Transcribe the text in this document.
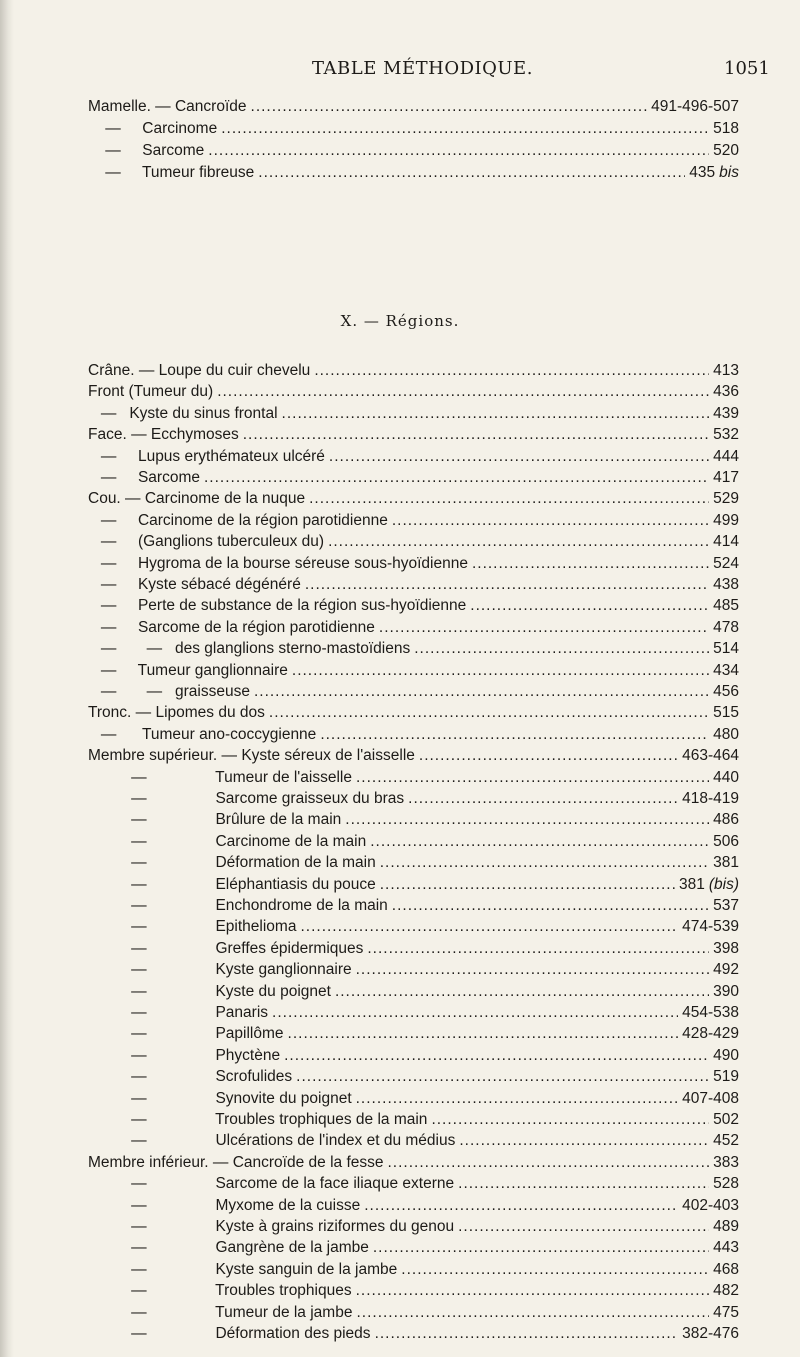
TABLE MÉTHODIQUE.	1051
Mamelle. — Cancroïde .....	491-496-507
—     Carcinome .....	518
—     Sarcome .....	520
—     Tumeur fibreuse .....	435 bis
X. — Régions.
Crâne. — Loupe du cuir chevelu .....	413
Front (Tumeur du) .....	436
—   Kyste du sinus frontal .....	439
Face. — Ecchymoses .....	532
—     Lupus erythémateux ulcéré .....	444
—     Sarcome .....	417
Cou. — Carcinome de la nuque .....	529
—     Carcinome de la région parotidienne .....	499
—     (Ganglions tuberculeux du) .....	414
—     Hygroma de la bourse séreuse sous-hyoïdienne .....	524
—     Kyste sébacé dégénéré .....	438
—     Perte de substance de la région sus-hyoïdienne .....	485
—     Sarcome de la région parotidienne .....	478
—       —   des glanglions sterno-mastoïdiens .....	514
—     Tumeur ganglionnaire .....	434
—       —   graisseuse .....	456
Tronc. — Lipomes du dos .....	515
—      Tumeur ano-coccygienne .....	480
Membre supérieur. — Kyste séreux de l'aisselle .....	463-464
—                Tumeur de l'aisselle .....	440
—                Sarcome graisseux du bras .....	418-419
—                Brûlure de la main .....	486
—                Carcinome de la main .....	506
—                Déformation de la main .....	381
—                Eléphantiasis du pouce .....	381 (bis)
—                Enchondrome de la main .....	537
—                Epithelioma .....	474-539
—                Greffes épidermiques .....	398
—                Kyste ganglionnaire .....	492
—                Kyste du poignet .....	390
—                Panaris .....	454-538
—                Papillôme .....	428-429
—                Phyctène .....	490
—                Scrofulides .....	519
—                Synovite du poignet .....	407-408
—                Troubles trophiques de la main .....	502
—                Ulcérations de l'index et du médius .....	452
Membre inférieur. — Cancroïde de la fesse .....	383
—                Sarcome de la face iliaque externe .....	528
—                Myxome de la cuisse .....	402-403
—                Kyste à grains riziformes du genou .....	489
—                Gangrène de la jambe .....	443
—                Kyste sanguin de la jambe .....	468
—                Troubles trophiques .....	482
—                Tumeur de la jambe .....	475
—                Déformation des pieds .....	382-476
